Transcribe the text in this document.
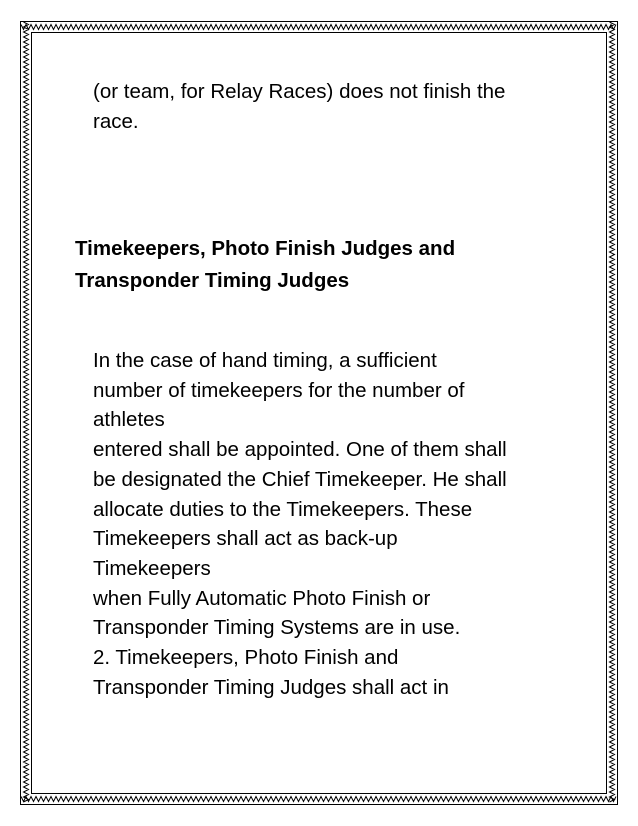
(or team, for Relay Races) does not finish the
race.

Timekeepers, Photo Finish Judges and
Transponder Timing Judges

In the case of hand timing, a sufficient
number of timekeepers for the number of
athletes
entered shall be appointed. One of them shall
be designated the Chief Timekeeper. He shall
allocate duties to the Timekeepers. These
Timekeepers shall act as back-up
Timekeepers
when Fully Automatic Photo Finish or
Transponder Timing Systems are in use.
2. Timekeepers, Photo Finish and
Transponder Timing Judges shall act in
